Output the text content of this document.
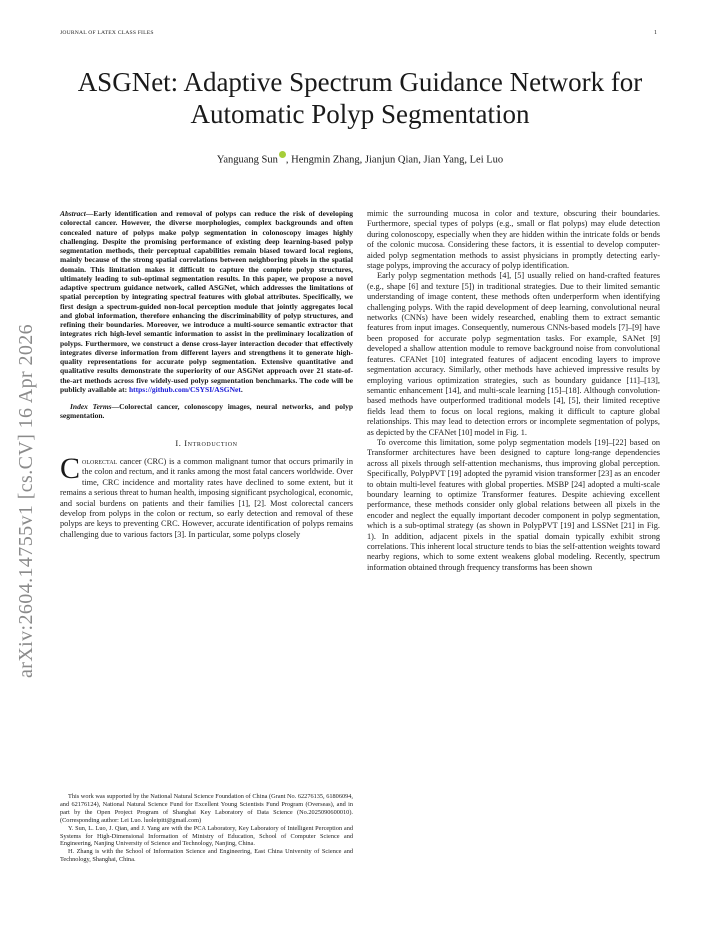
JOURNAL OF LATEX CLASS FILES	1
ASGNet: Adaptive Spectrum Guidance Network for Automatic Polyp Segmentation
Yanguang Sun , Hengmin Zhang, Jianjun Qian, Jian Yang, Lei Luo
arXiv:2604.14755v1 [cs.CV] 16 Apr 2026
Abstract—Early identification and removal of polyps can reduce the risk of developing colorectal cancer. However, the diverse morphologies, complex backgrounds and often concealed nature of polyps make polyp segmentation in colonoscopy images highly challenging. Despite the promising performance of existing deep learning-based polyp segmentation methods, their perceptual capabilities remain biased toward local regions, mainly because of the strong spatial correlations between neighboring pixels in the spatial domain. This limitation makes it difficult to capture the complete polyp structures, ultimately leading to sub-optimal segmentation results. In this paper, we propose a novel adaptive spectrum guidance network, called ASGNet, which addresses the limitations of spatial perception by integrating spectral features with global attributes. Specifically, we first design a spectrum-guided non-local perception module that jointly aggregates local and global information, therefore enhancing the discriminability of polyp structures, and refining their boundaries. Moreover, we introduce a multi-source semantic extractor that integrates rich high-level semantic information to assist in the preliminary localization of polyps. Furthermore, we construct a dense cross-layer interaction decoder that effectively integrates diverse information from different layers and strengthens it to generate high-quality representations for accurate polyp segmentation. Extensive quantitative and qualitative results demonstrate the superiority of our ASGNet approach over 21 state-of-the-art methods across five widely-used polyp segmentation benchmarks. The code will be publicly available at: https://github.com/CSYSI/ASGNet.
Index Terms—Colorectal cancer, colonoscopy images, neural networks, and polyp segmentation.
I. Introduction

Colorectal cancer (CRC) is a common malignant tumor that occurs primarily in the colon and rectum, and it ranks among the most fatal cancers worldwide. Over time, CRC incidence and mortality rates have declined to some extent, but it remains a serious threat to human health, imposing significant psychological, economic, and social burdens on patients and their families [1], [2]. Most colorectal cancers develop from polyps in the colon or rectum, so early detection and removal of these polyps are keys to preventing CRC. However, accurate identification of polyps remains challenging due to various factors [3]. In particular, some polyps closely

This work was supported by the National Natural Science Foundation of China (Grant No. 62276135, 61806094, and 62176124), National Natural Science Fund for Excellent Young Scientists Fund Program (Overseas), and in part by the Open Project Program of Shanghai Key Laboratory of Data Science (No.2025090600010).(Corresponding author: Lei Luo. luoleipitt@gmail.com)

Y. Sun, L. Luo, J. Qian, and J. Yang are with the PCA Laboratory, Key Laboratory of Intelligent Perception and Systems for High-Dimensional Information of Ministry of Education, School of Computer Science and Engineering, Nanjing University of Science and Technology, Nanjing, China.

H. Zhang is with the School of Information Science and Engineering, East China University of Science and Technology, Shanghai, China.

mimic the surrounding mucosa in color and texture, obscuring their boundaries. Furthermore, special types of polyps (e.g., small or flat polyps) may elude detection during colonoscopy, especially when they are hidden within the intricate folds or bends of the colonic mucosa. Considering these factors, it is essential to develop computer-aided polyp segmentation methods to assist physicians in promptly detecting early-stage polyps, improving the accuracy of polyp identification.

Early polyp segmentation methods [4], [5] usually relied on hand-crafted features (e.g., shape [6] and texture [5]) in traditional strategies. Due to their limited semantic understanding of image content, these methods often underperform when identifying challenging polyps. With the rapid development of deep learning, convolutional neural networks (CNNs) have been widely researched, enabling them to extract semantic features from input images. Consequently, numerous CNNs-based models [7]–[9] have been proposed for accurate polyp segmentation tasks. For example, SANet [9] developed a shallow attention module to remove background noise from convolutional features. CFANet [10] integrated features of adjacent encoding layers to improve segmentation accuracy. Similarly, other methods have achieved impressive results by employing various optimization strategies, such as boundary guidance [11]–[13], semantic enhancement [14], and multi-scale learning [15]–[18]. Although convolution-based methods have outperformed traditional models [4], [5], their limited receptive fields lead them to focus on local regions, making it difficult to capture global relationships. This may lead to detection errors or incomplete segmentation of polyps, as depicted by the CFANet [10] model in Fig. 1.

To overcome this limitation, some polyp segmentation models [19]–[22] based on Transformer architectures have been designed to capture long-range dependencies across all pixels through self-attention mechanisms, thus improving global perception. Specifically, PolypPVT [19] adopted the pyramid vision transformer [23] as an encoder to obtain multi-level features with global properties. MSBP [24] adopted a multi-scale boundary learning to optimize Transformer features. Despite achieving excellent performance, these methods consider only global relations between all pixels in the encoder and neglect the equally important decoder component in polyp segmentation, which is a sub-optimal strategy (as shown in PolypPVT [19] and LSSNet [21] in Fig. 1). In addition, adjacent pixels in the spatial domain typically exhibit strong correlations. This inherent local structure tends to bias the self-attention weights toward nearby regions, which to some extent weakens global modeling. Recently, spectrum information obtained through frequency transforms has been shown
